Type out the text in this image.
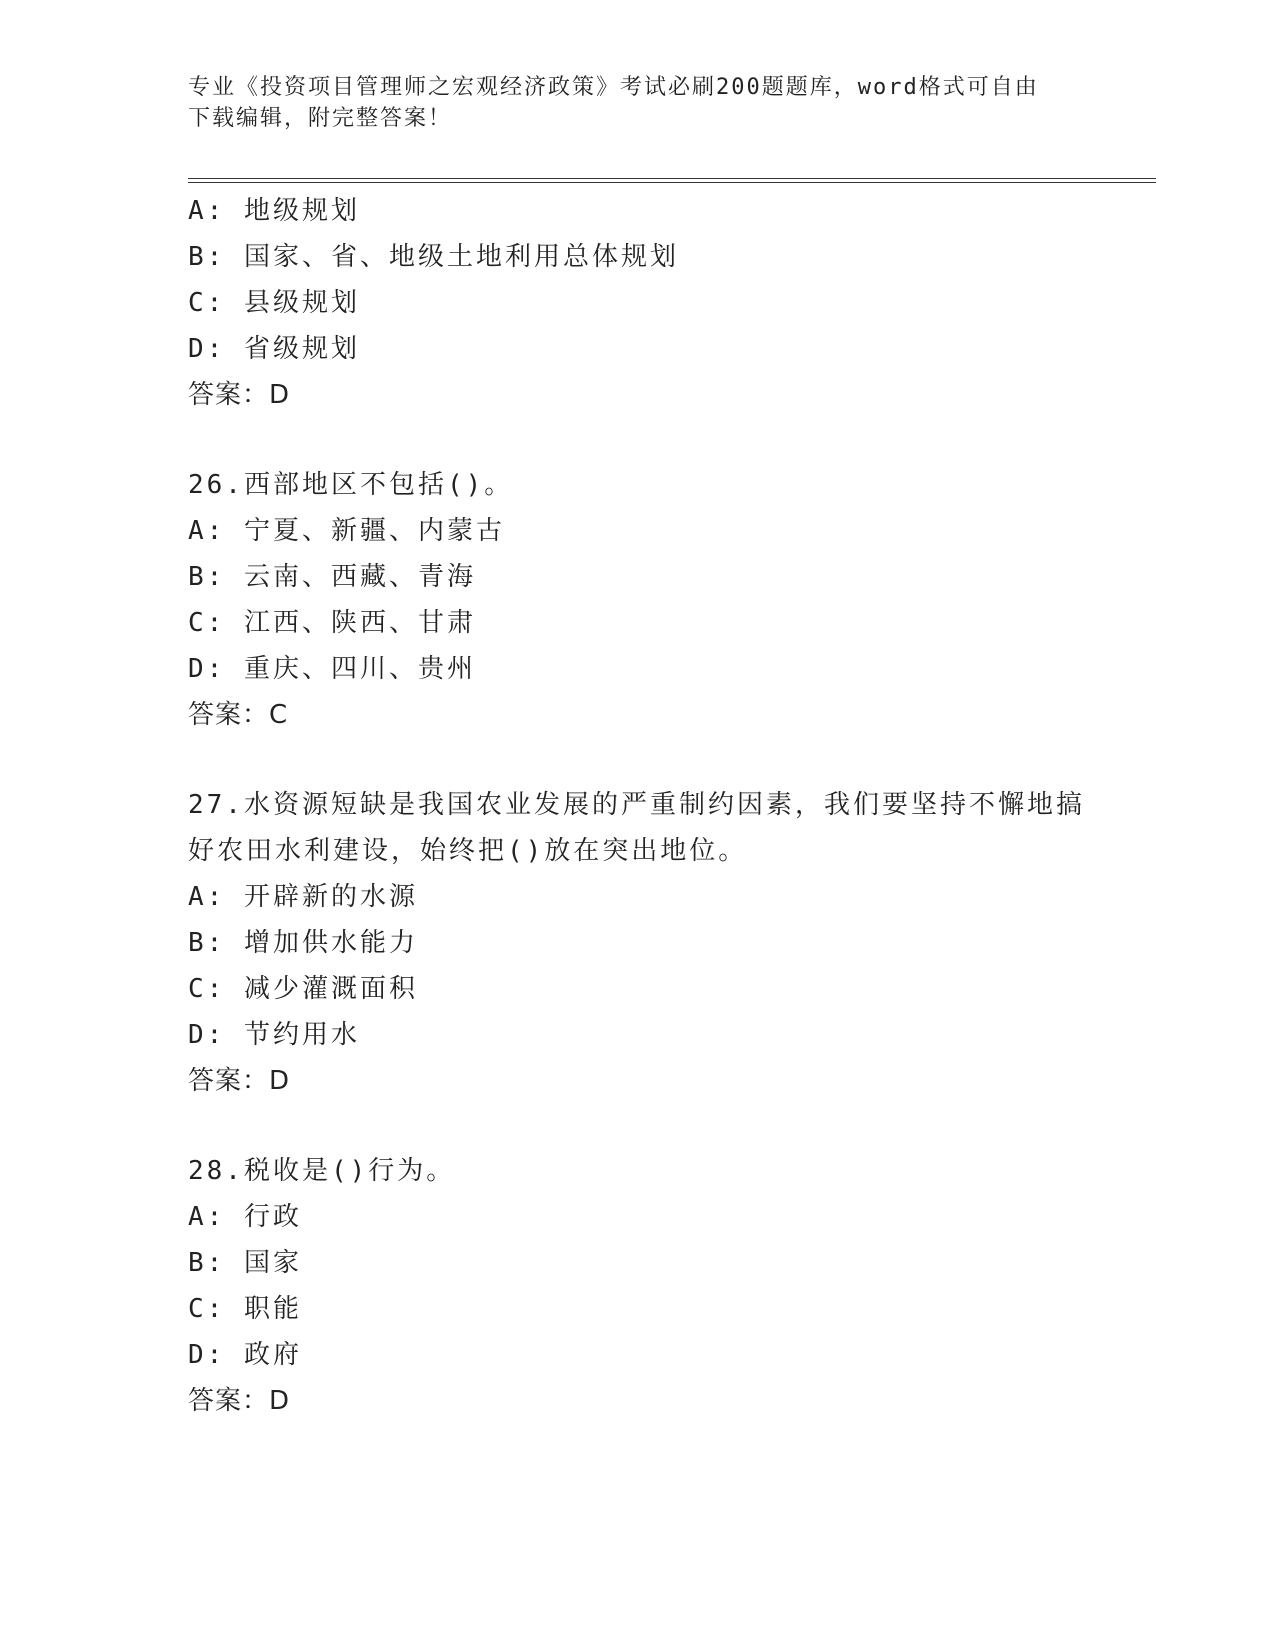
专业《投资项目管理师之宏观经济政策》考试必刷200题题库，word格式可自由
下载编辑，附完整答案！

A: 地级规划

B: 国家、省、地级土地利用总体规划

C: 县级规划

D: 省级规划

答案：D

26.西部地区不包括()。

A: 宁夏、新疆、内蒙古

B: 云南、西藏、青海

C: 江西、陕西、甘肃

D: 重庆、四川、贵州

答案：C

27.水资源短缺是我国农业发展的严重制约因素，我们要坚持不懈地搞

好农田水利建设，始终把()放在突出地位。

A: 开辟新的水源

B: 增加供水能力

C: 减少灌溉面积

D: 节约用水

答案：D

28.税收是()行为。

A: 行政

B: 国家

C: 职能

D: 政府

答案：D
